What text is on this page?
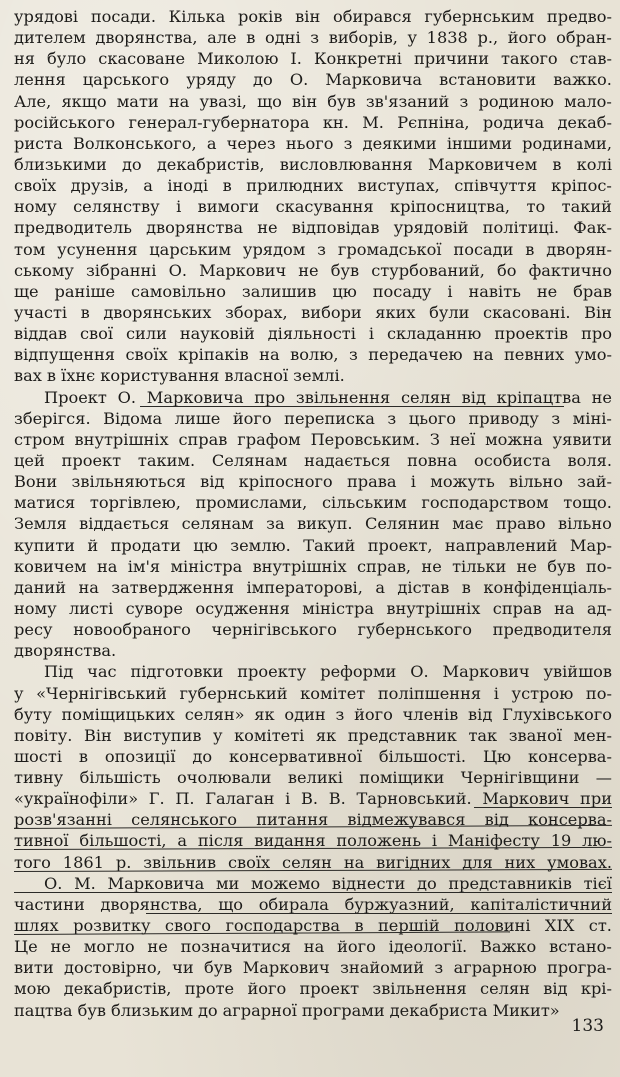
урядові посади. Кілька років він обирався губернським предво-
дителем дворянства, але в одні з виборів, у 1838 р., його обран-
ня було скасоване Миколою І. Конкретні причини такого став-
лення царського уряду до О. Марковича встановити важко.
Але, якщо мати на увазі, що він був зв'язаний з родиною мало-
російського генерал-губернатора кн. М. Рєпніна, родича декаб-
риста Волконського, а через нього з деякими іншими родинами,
близькими до декабристів, висловлювання Марковичем в колі
своїх друзів, а іноді в прилюдних виступах, співчуття кріпос-
ному селянству і вимоги скасування кріпосництва, то такий
предводитель дворянства не відповідав урядовій політиці. Фак-
том усунення царським урядом з громадської посади в дворян-
ському зібранні О. Маркович не був стурбований, бо фактично
ще раніше самовільно залишив цю посаду і навіть не брав
участі в дворянських зборах, вибори яких були скасовані. Він
віддав свої сили науковій діяльності і складанню проектів про
відпущення своїх кріпаків на волю, з передачею на певних умо-
вах в їхнє користування власної землі.
Проект О. Марковича про звільнення селян від кріпацтва не
зберігся. Відома лише його переписка з цього приводу з міні-
стром внутрішніх справ графом Перовським. З неї можна уявити
цей проект таким. Селянам надається повна особиста воля.
Вони звільняються від кріпосного права і можуть вільно зай-
матися торгівлею, промислами, сільським господарством тощо.
Земля віддається селянам за викуп. Селянин має право вільно
купити й продати цю землю. Такий проект, направлений Мар-
ковичем на ім'я міністра внутрішніх справ, не тільки не був по-
даний на затвердження імператорові, а дістав в конфіденціаль-
ному листі суворе осудження міністра внутрішніх справ на ад-
ресу новообраного чернігівського губернського предводителя
дворянства.
Під час підготовки проекту реформи О. Маркович увійшов
у «Чернігівський губернський комітет поліпшення і устрою по-
буту поміщицьких селян» як один з його членів від Глухівського
повіту. Він виступив у комітеті як представник так званої мен-
шості в опозиції до консервативної більшості. Цю консерва-
тивну більшість очолювали великі поміщики Чернігівщини —
«українофіли» Г. П. Галаган і В. В. Тарновський. Маркович при
розв'язанні селянського питання відмежувався від консерва-
тивної більшості, а після видання положень і Маніфесту 19 лю-
того 1861 р. звільнив своїх селян на вигідних для них умовах.
О. М. Марковича ми можемо віднести до представників тієї
частини дворянства, що обирала буржуазний, капіталістичний
шлях розвитку свого господарства в першій половині XIX ст.
Це не могло не позначитися на його ідеології. Важко встано-
вити достовірно, чи був Маркович знайомий з аграрною програ-
мою декабристів, проте його проект звільнення селян від крі-
пацтва був близьким до аграрної програми декабриста Микит»
133
